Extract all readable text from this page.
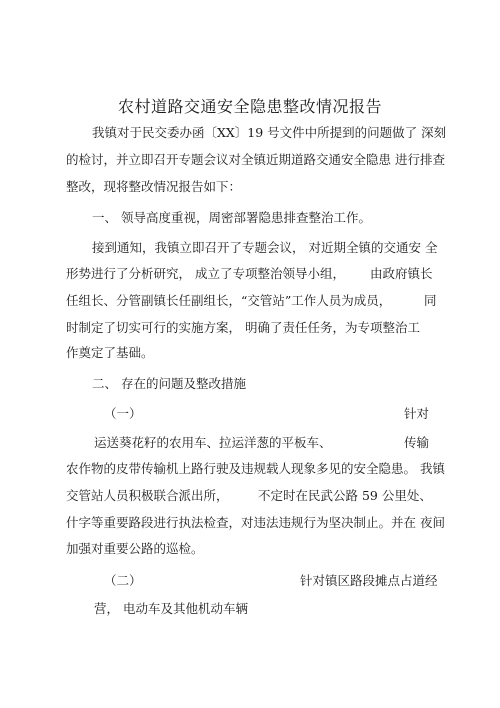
农村道路交通安全隐患整改情况报告
我镇对于民交委办函〔XX〕19 号文件中所提到的问题做了 深刻
的检讨，并立即召开专题会议对全镇近期道路交通安全隐患 进行排查
整改，现将整改情况报告如下：
一、 领导高度重视，周密部署隐患排查整治工作。
接到通知，我镇立即召开了专题会议， 对近期全镇的交通安 全
形势进行了分析研究， 成立了专项整治领导小组， 由政府镇长
任组长、分管副镇长任副组长，“交管站”工作人员为成员，	同
时制定了切实可行的实施方案， 明确了责任任务，为专项整治工
作奠定了基础。
二、 存在的问题及整改措施
（一）	针对
运送葵花籽的农用车、拉运洋葱的平板车、	传输
农作物的皮带传输机上路行驶及违规载人现象多见的安全隐患。 我镇
交管站人员积极联合派出所， 不定时在民武公路 59 公里处、
什字等重要路段进行执法检查，对违法违规行为坚决制止。并在 夜间
加强对重要公路的巡检。
（二）	针对镇区路段摊点占道经
营， 电动车及其他机动车辆
